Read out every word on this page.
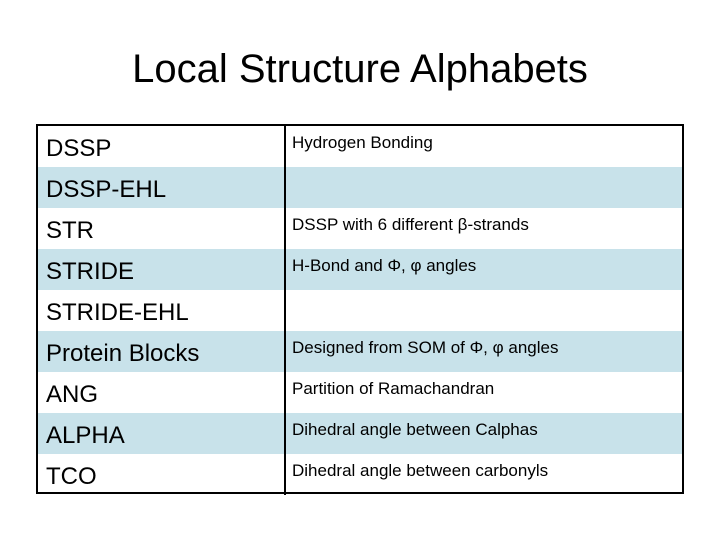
Local Structure Alphabets
DSSP	Hydrogen Bonding
DSSP-EHL
STR	DSSP with 6 different β-strands
STRIDE	H-Bond and Φ, φ angles
STRIDE-EHL
Protein Blocks	Designed from SOM of Φ, φ angles
ANG	Partition of Ramachandran
ALPHA	Dihedral angle between Calphas
TCO	Dihedral angle between carbonyls
